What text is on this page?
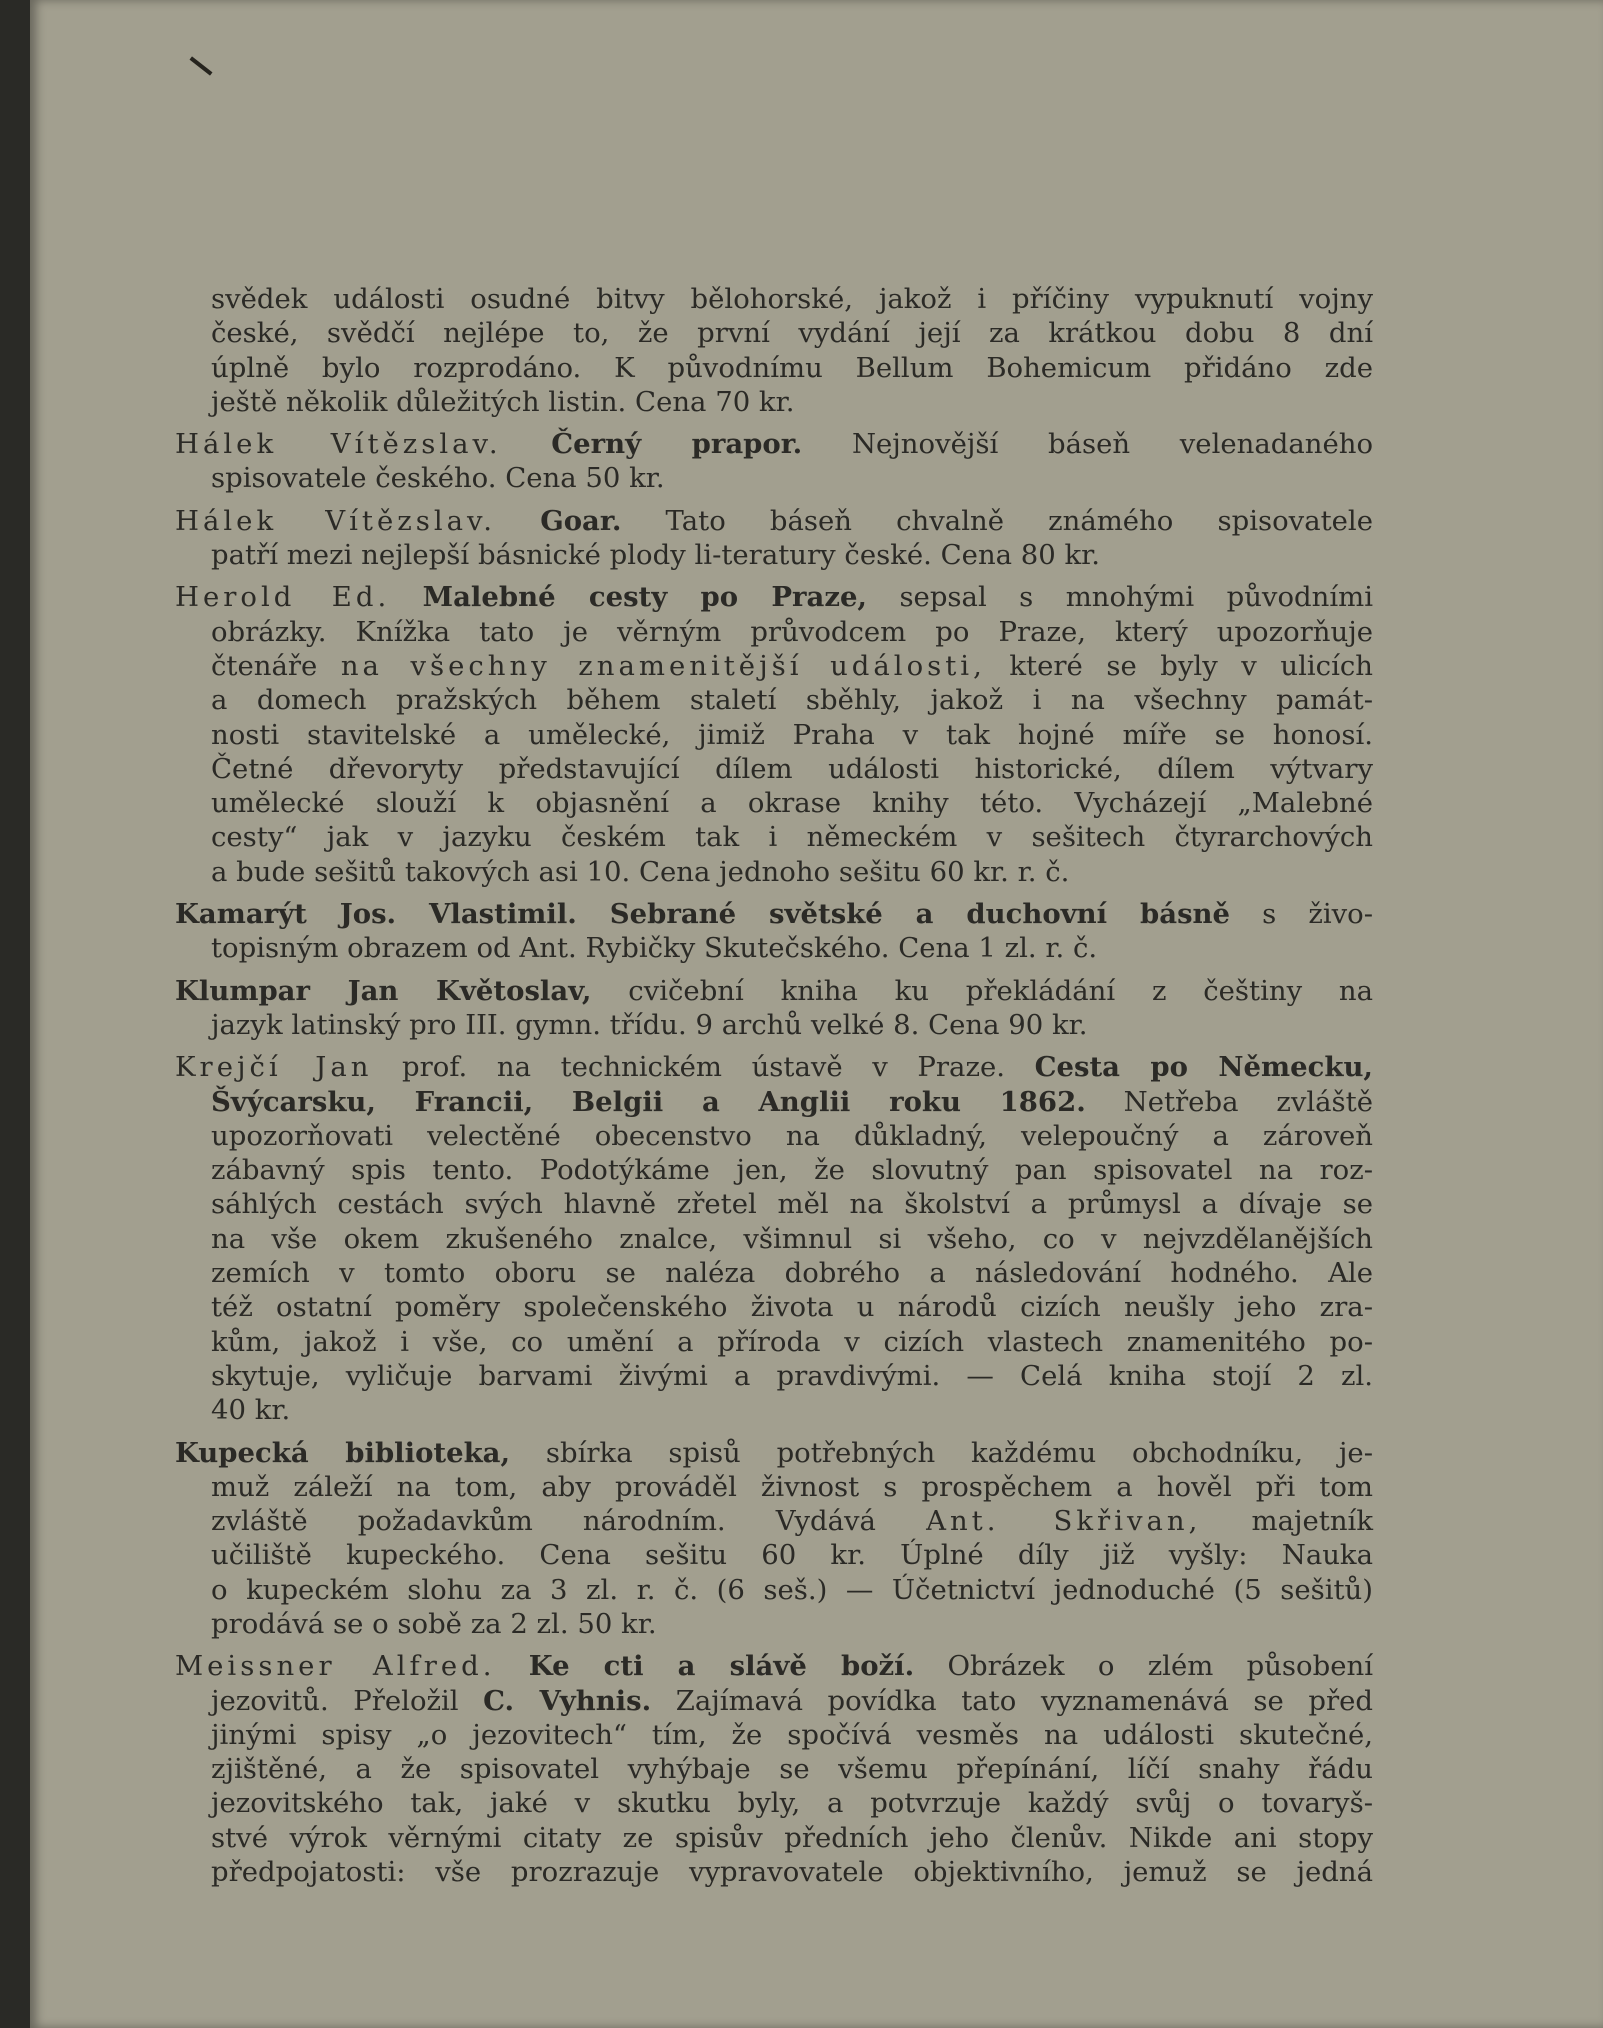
svědek události osudné bitvy bělohorské, jakož i příčiny vypuknutí vojny
české, svědčí nejlépe to, že první vydání její za krátkou dobu 8 dní
úplně bylo rozprodáno. K původnímu Bellum Bohemicum přidáno zde
ještě několik důležitých listin. Cena 70 kr.
Hálek Vítězslav. Černý prapor. Nejnovější báseň velenadaného
spisovatele českého. Cena 50 kr.
Hálek Vítězslav. Goar. Tato báseň chvalně známého spisovatele
patří mezi nejlepší básnické plody li-teratury české. Cena 80 kr.
Herold Ed. Malebné cesty po Praze, sepsal s mnohými původními
obrázky. Knížka tato je věrným průvodcem po Praze, který upozorňuje
čtenáře na všechny znamenitější události, které se byly v ulicích
a domech pražských během staletí sběhly, jakož i na všechny památ-
nosti stavitelské a umělecké, jimiž Praha v tak hojné míře se honosí.
Četné dřevoryty představující dílem události historické, dílem výtvary
umělecké slouží k objasnění a okrase knihy této. Vycházejí „Malebné
cesty“ jak v jazyku českém tak i německém v sešitech čtyrarchových
a bude sešitů takových asi 10. Cena jednoho sešitu 60 kr. r. č.
Kamarýt Jos. Vlastimil. Sebrané světské a duchovní básně s živo-
topisným obrazem od Ant. Rybičky Skutečského. Cena 1 zl. r. č.
Klumpar Jan Květoslav, cvičební kniha ku překládání z češtiny na
jazyk latinský pro III. gymn. třídu. 9 archů velké 8. Cena 90 kr.
Krejčí Jan prof. na technickém ústavě v Praze. Cesta po Německu,
Švýcarsku, Francii, Belgii a Anglii roku 1862. Netřeba zvláště
upozorňovati velectěné obecenstvo na důkladný, velepoučný a zároveň
zábavný spis tento. Podotýkáme jen, že slovutný pan spisovatel na roz-
sáhlých cestách svých hlavně zřetel měl na školství a průmysl a dívaje se
na vše okem zkušeného znalce, všimnul si všeho, co v nejvzdělanějších
zemích v tomto oboru se naléza dobrého a následování hodného. Ale
též ostatní poměry společenského života u národů cizích neušly jeho zra-
kům, jakož i vše, co umění a příroda v cizích vlastech znamenitého po-
skytuje, vyličuje barvami živými a pravdivými. — Celá kniha stojí 2 zl.
40 kr.
Kupecká biblioteka, sbírka spisů potřebných každému obchodníku, je-
muž záleží na tom, aby prováděl živnost s prospěchem a hověl při tom
zvláště požadavkům národním. Vydává Ant. Skřivan, majetník
učiliště kupeckého. Cena sešitu 60 kr. Úplné díly již vyšly: Nauka
o kupeckém slohu za 3 zl. r. č. (6 seš.) — Účetnictví jednoduché (5 sešitů)
prodává se o sobě za 2 zl. 50 kr.
Meissner Alfred. Ke cti a slávě boží. Obrázek o zlém působení
jezovitů. Přeložil C. Vyhnis. Zajímavá povídka tato vyznamenává se před
jinými spisy „o jezovitech“ tím, že spočívá vesměs na události skutečné,
zjištěné, a že spisovatel vyhýbaje se všemu přepínání, líčí snahy řádu
jezovitského tak, jaké v skutku byly, a potvrzuje každý svůj o tovaryš-
stvé výrok věrnými citaty ze spisův předních jeho členův. Nikde ani stopy
předpojatosti: vše prozrazuje vypravovatele objektivního, jemuž se jedná
